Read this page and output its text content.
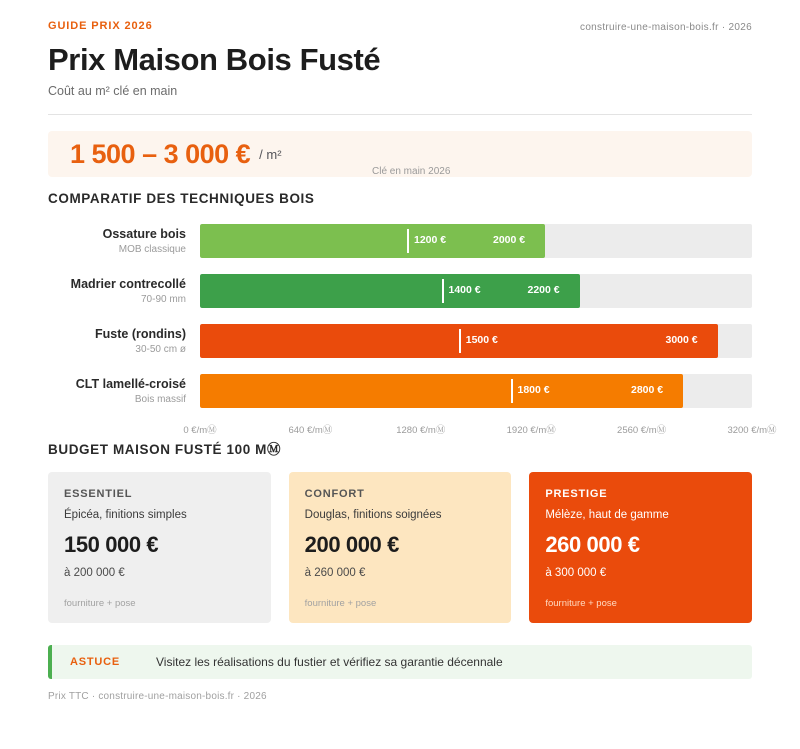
GUIDE PRIX 2026	construire-une-maison-bois.fr · 2026
Prix Maison Bois Fusté
Coût au m² clé en main
1 500 – 3 000 € / m²
Clé en main 2026
COMPARATIF DES TECHNIQUES BOIS
Ossature bois
MOB classique
1200 €	2000 €
Madrier contrecollé
70-90 mm
1400 €	2200 €
Fuste (rondins)
30-50 cm ø
1500 €	3000 €
CLT lamellé-croisé
Bois massif
1800 €	2800 €
0 €/mⓂ	640 €/mⓂ	1280 €/mⓂ	1920 €/mⓂ	2560 €/mⓂ	3200 €/mⓂ
BUDGET MAISON FUSTÉ 100 MⓂ
ESSENTIEL
Épicéa, finitions simples
150 000 €
à 200 000 €
fourniture + pose
CONFORT
Douglas, finitions soignées
200 000 €
à 260 000 €
fourniture + pose
PRESTIGE
Mélèze, haut de gamme
260 000 €
à 300 000 €
fourniture + pose
ASTUCE	Visitez les réalisations du fustier et vérifiez sa garantie décennale
Prix TTC · construire-une-maison-bois.fr · 2026
